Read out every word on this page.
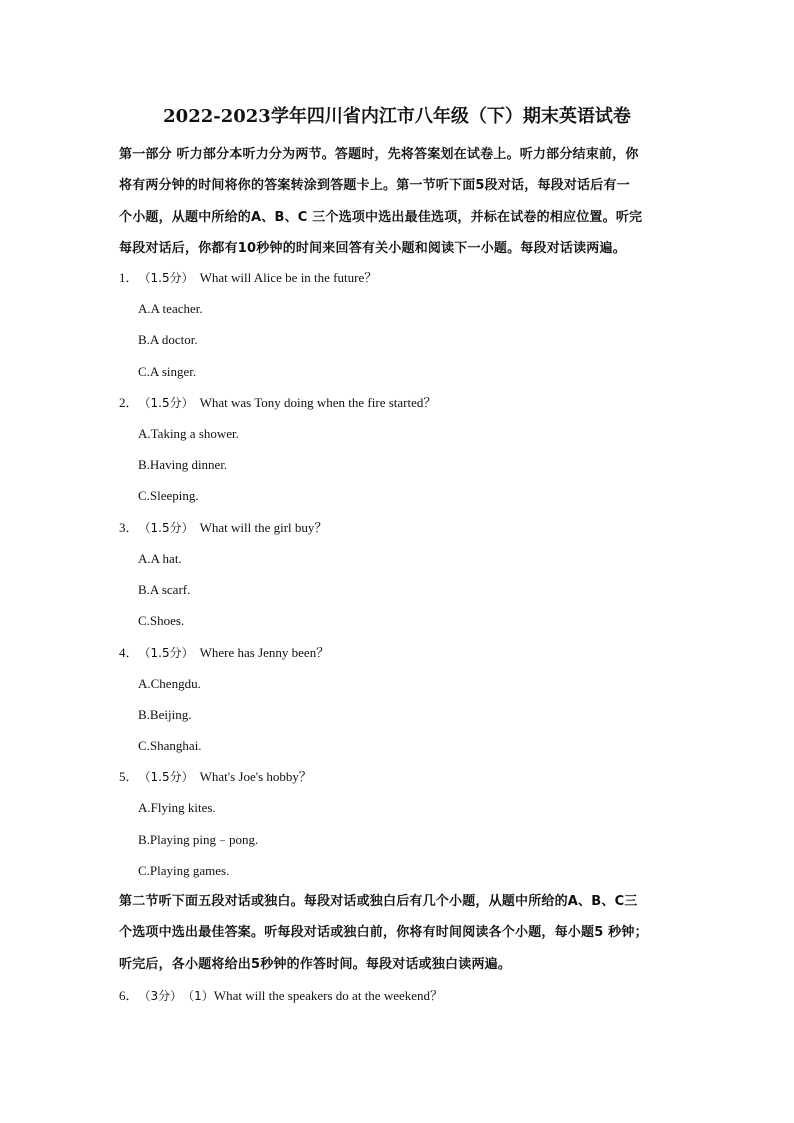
2022-2023学年四川省内江市八年级（下）期末英语试卷
第一部分 听力部分本听力分为两节。答题时，先将答案划在试卷上。听力部分结束前，你
将有两分钟的时间将你的答案转涂到答题卡上。第一节听下面5段对话，每段对话后有一
个小题，从题中所给的A、B、C 三个选项中选出最佳选项，并标在试卷的相应位置。听完
每段对话后，你都有10秒钟的时间来回答有关小题和阅读下一小题。每段对话读两遍。
1．（1.5分） What will Alice be in the future？
A.A teacher.
B.A doctor.
C.A singer.
2．（1.5分） What was Tony doing when the fire started？
A.Taking a shower.
B.Having dinner.
C.Sleeping.
3．（1.5分） What will the girl buy？
A.A hat.
B.A scarf.
C.Shoes.
4．（1.5分） Where has Jenny been？
A.Chengdu.
B.Beijing.
C.Shanghai.
5．（1.5分） What's Joe's hobby？
A.Flying kites.
B.Playing ping﹣pong.
C.Playing games.
第二节听下面五段对话或独白。每段对话或独白后有几个小题，从题中所给的A、B、C三
个选项中选出最佳答案。听每段对话或独白前，你将有时间阅读各个小题，每小题5 秒钟；
听完后，各小题将给出5秒钟的作答时间。每段对话或独白读两遍。
6．（3分）（1）What will the speakers do at the weekend？
